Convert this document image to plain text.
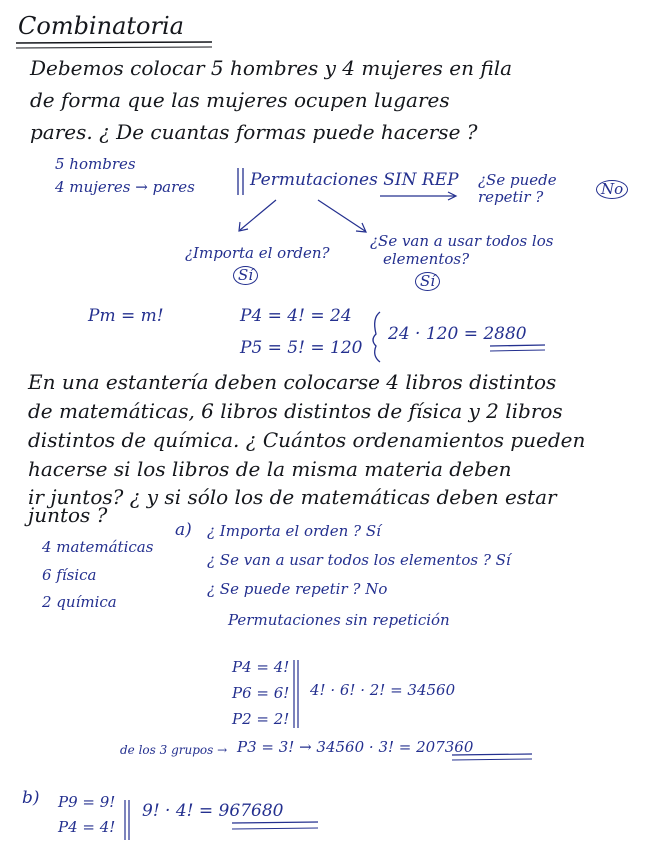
Combinatoria
Debemos colocar 5 hombres y 4 mujeres en fila
de forma que las mujeres ocupen lugares
pares. ¿ De cuantas formas puede hacerse ?
5 hombres
4 mujeres → pares	Permutaciones SIN REP ¿Se puede repetir ?	No
¿Importa el orden?
Sí
¿Se van a usar todos los
elementos?
Sí
Pm = m!	P4 = 4! = 24
P5 = 5! = 120
24 · 120 = 2880
En una estantería deben colocarse 4 libros distintos
de matemáticas, 6 libros distintos de física y 2 libros
distintos de química. ¿ Cuántos ordenamientos pueden
hacerse si los libros de la misma materia deben
ir juntos? ¿ y si sólo los de matemáticas deben estar
juntos ?
4 matemáticas
6 física
2 química
a) ¿ Importa el orden ? Sí
¿ Se van a usar todos los elementos ? Sí
¿ Se puede repetir ? No
Permutaciones sin repetición
P4 = 4!
P6 = 6!
P2 = 2!
4! · 6! · 2! = 34560
de los 3 grupos → P3 = 3! → 34560 · 3! = 207360
b) P9 = 9!
P4 = 4!
9! · 4! = 967680
